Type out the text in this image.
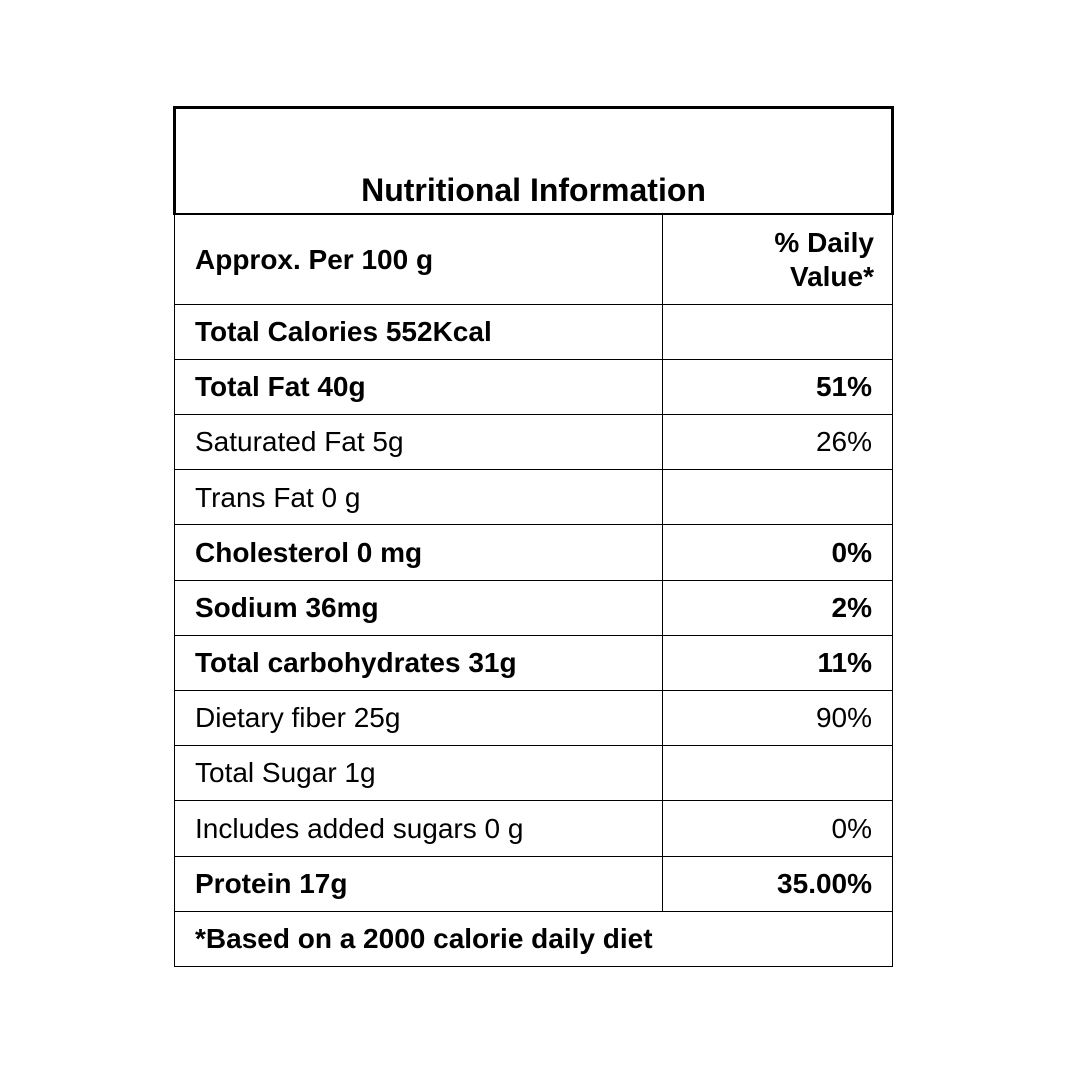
Nutritional Information	
Approx. Per 100 g	% Daily
Value*

Total Calories 552Kcal	
Total Fat 40g	51%
Saturated Fat 5g	26%
Trans Fat 0 g	
Cholesterol 0 mg	0%
Sodium 36mg	2%
Total carbohydrates 31g	11%
Dietary fiber 25g	90%
Total Sugar 1g	
Includes added sugars 0 g	0%
Protein 17g	35.00%
*Based on a 2000 calorie daily diet	
